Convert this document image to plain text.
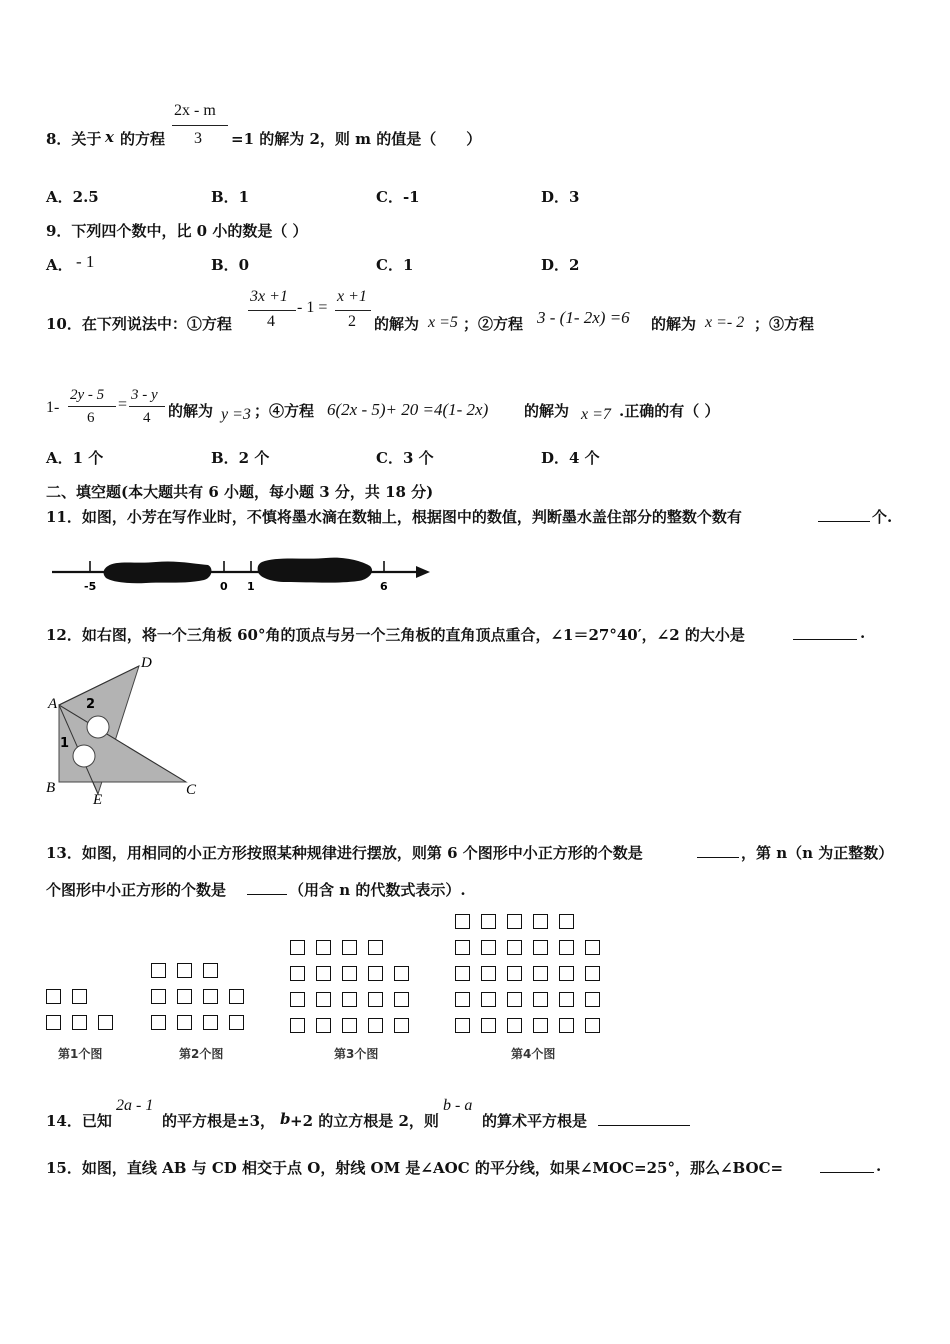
8．关于 x 的方程
2x - m
3 =1 的解为 2，则 m 的值是（　　）
A．2.5	B．1	C．-1	D．3
9．下列四个数中，比 0 小的数是（ ）
A． - 1	B．0	C．1	D．2
10．在下列说法中：①方程
3x +1
4
- 1 =
x +1
2 的解为 x =5 ；②方程 3 - (1- 2x) =6 的解为 x =- 2 ；③方程
1-
2y - 5
6
=
3 - y
4 的解为 y =3 ；④方程 6(2x - 5)+ 20 =4(1- 2x) 的解为 x =7 .正确的有（ ）
A．1 个	B．2 个	C．3 个	D．4 个
二、填空题(本大题共有 6 小题，每小题 3 分，共 18 分)
11．如图，小芳在写作业时，不慎将墨水滴在数轴上，根据图中的数值，判断墨水盖住部分的整数个数有	个.
-5	0 1	6
12．如右图，将一个三角板 60°角的顶点与另一个三角板的直角顶点重合，∠1＝27°40′，∠2 的大小是	.
A
D
B
E
C
1
2
13．如图，用相同的小正方形按照某种规律进行摆放，则第 6 个图形中小正方形的个数是	，第 n（n 为正整数）
个图形中小正方形的个数是	（用含 n 的代数式表示）.
第1个图	第2个图	第3个图	第4个图
14．已知
2a - 1
的平方根是±3， b +2 的立方根是 2，则
b - a
的算术平方根是
15．如图，直线 AB 与 CD 相交于点 O，射线 OM 是∠AOC 的平分线，如果∠MOC=25°，那么∠BOC=	.
